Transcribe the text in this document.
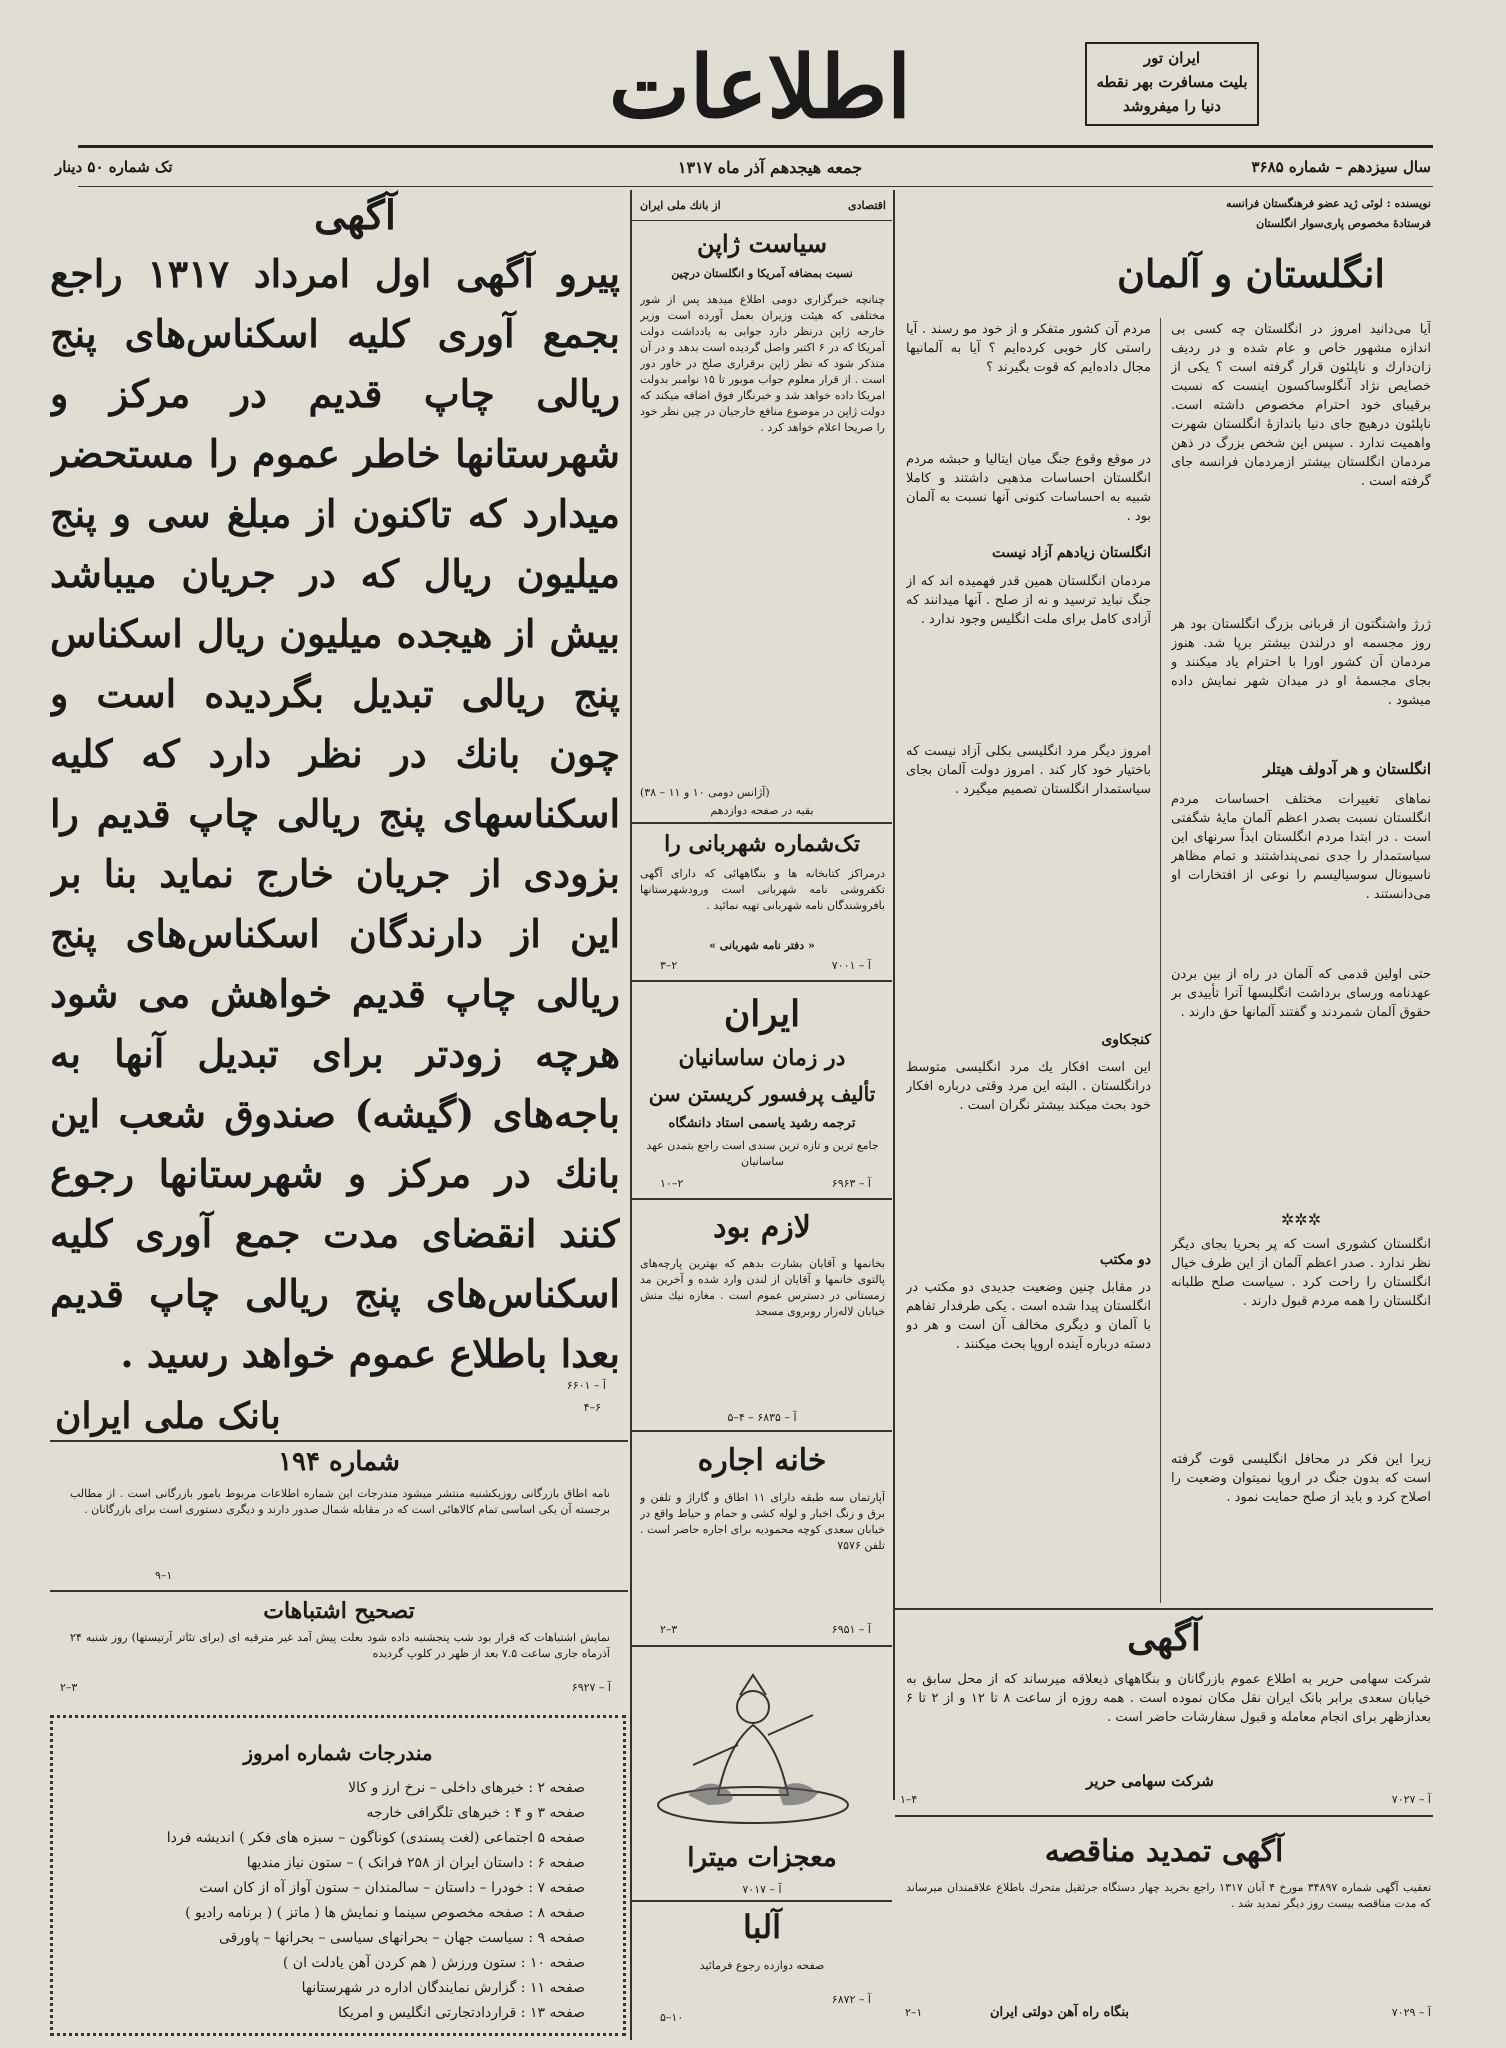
اطلاعات	ایران تور
بلیت مسافرت بهر نقطه
دنیا را میفروشد
سال سیزدهم – شماره ۳۶۸۵
جمعه هیجدهم آذر ماه ۱۳۱۷
تک شماره ۵۰ دینار
نویسنده : لوئی ژید عضو فرهنگستان فرانسه
فرستادهٔ مخصوص پاری‌سوار انگلستان
انگلستان و آلمان
آیا می‌دانید امروز در انگلستان چه کسی بی اندازه مشهور خاص و عام شده و در ردیف زان‌دارك و ناپلئون قرار گرفته است ؟ یکی از خصایص نژاد آنگلوساکسون اینست که نسبت برقیبای خود احترام مخصوص داشته است. ناپلئون درهیچ جای دنیا باندازهٔ انگلستان شهرت واهمیت ندارد . سپس این شخص بزرگ در ذهن مردمان انگلستان بیشتر ازمردمان فرانسه جای گرفته است .
ژرژ واشنگتون از قربانی بزرگ انگلستان بود هر روز مجسمه او درلندن بیشتر برپا شد. هنوز مردمان آن کشور اورا با احترام یاد میکنند و بجای مجسمهٔ او در میدان شهر نمایش داده میشود .
انگلستان و هر آدولف هیتلر
نماهای تغییرات مختلف احساسات مردم انگلستان نسبت بصدر اعظم آلمان مایهٔ شگفتی است . در ابتدا مردم انگلستان ابداً سرنهای این سیاستمدار را جدی نمی‌پنداشتند و تمام مظاهر ناسیونال سوسیالیسم را نوعی از افتخارات او می‌دانستند .
حتی اولین قدمی که آلمان در راه از بین بردن عهدنامه ورسای برداشت انگلیسها آنرا تأییدی بر حقوق آلمان شمردند و گفتند آلمانها حق دارند .
✲✲✲
انگلستان کشوری است که پر بحریا بجای دیگر نظر ندارد . صدر اعظم آلمان از این طرف خیال انگلستان را راحت کرد . سیاست صلح طلبانه انگلستان را همه مردم قبول دارند .
زیرا این فکر در محافل انگلیسی قوت گرفته است که بدون جنگ در اروپا نمیتوان وضعیت را اصلاح کرد و باید از صلح حمایت نمود .
مردم آن کشور متفکر و از خود مو ‌رسند . آیا راستی کار خوبی کرده‌ایم ؟ آیا به آلمانیها مجال داده‌ایم که قوت بگیرند ؟
در موقع وقوع جنگ میان ایتالیا و حبشه مردم انگلستان احساسات مذهبی داشتند و کاملا شبیه به احساسات کنونی آنها نسبت به آلمان بود .
انگلستان زیادهم آزاد نیست
مردمان انگلستان همین قدر فهمیده اند که از جنگ نباید ترسید و نه از صلح . آنها میدانند که آزادی کامل برای ملت انگلیس وجود ندارد .
امروز دیگر مرد انگلیسی بکلی آزاد نیست که باختیار خود کار کند . امروز دولت آلمان بجای سیاستمدار انگلستان تصمیم میگیرد .
کنجکاوی
این است افکار یك مرد انگلیسی متوسط درانگلستان . البته این مرد وقتی درباره افکار خود بحث میکند بیشتر نگران است .
دو مکتب
در مقابل چنین وضعیت جدیدی دو مکتب در انگلستان پیدا شده است . یکی طرفدار تفاهم با آلمان و دیگری مخالف آن است و هر دو دسته درباره آینده اروپا بحث میکنند .
آگهی
شرکت سهامی حریر به اطلاع عموم بازرگانان و بنگاههای ذیعلاقه میرساند که از محل سابق به خیابان سعدی برابر بانک ایران نقل مکان نموده است . همه روزه از ساعت ۸ تا ۱۲ و از ۲ تا ۶ بعدازظهر برای انجام معامله و قبول سفارشات حاضر است .
شرکت سهامی حریر
آ – ۷۰۲۷
۴–۱
آگهی تمدید مناقصه
تعقیب آگهی شماره ۳۴۸۹۷ مورخ ۴ آبان ۱۳۱۷ راجع بخرید چهار دستگاه جرثقیل متحرك باطلاع علاقمندان میرساند که مدت مناقصه بیست روز دیگر تمدید شد .
بنگاه راه آهن دولتی ایران	آ – ۷۰۲۹
۱–۲
اقتصادی
از بانك ملی ایران
سیاست ژاپن
نسبت بمضافه آمریکا و انگلستان درچین
چنانچه خبرگزاری دومی اطلاع میدهد پس از شور مختلفی که هیئت وزیران بعمل آورده است وزیر خارجه ژاپن درنظر دارد جوابی به یادداشت دولت آمریکا که در ۶ اکتبر واصل گردیده است بدهد و در آن متذکر شود که نظر ژاپن برقراری صلح در خاور دور است . از قرار معلوم جواب موبور تا ۱۵ نوامبر بدولت امریکا داده خواهد شد و خبرنگار فوق اضافه میکند که دولت ژاپن در موضوع منافع خارجیان در چین نظر خود را صریحا اعلام خواهد کرد .
(آژانس دومی ۱۰ و ۱۱ – ۳۸)
بقیه در صفحه دوازدهم
تک‌شماره شهربانی را
درمراکز کتابخانه ها و بنگاههائی که دارای آگهی تکفروشی نامه شهربانی است ورود‌شهرستانها بافروشندگان نامه شهربانی تهیه نمائید .
« دفتر نامه شهربانی »
آ – ۷۰۰۱
۲–۳
ایران
در زمان ساسانیان
تألیف پرفسور کریستن سن
ترجمه رشید یاسمی استاد دانشگاه
جامع ترین و تازه ترین سندی است راجع بتمدن عهد ساسانیان
آ – ۶۹۶۳
۲–۱۰
لازم بود
بخانمها و آقایان بشارت بدهم که بهترین پارچه‌های پالتوی خانمها و آقایان از لندن وارد شده و آخرین مد زمستانی در دسترس عموم است . مغازه نیك منش خیابان لاله‌زار روبروی مسجد
آ – ۶۸۳۵ – ۴–۵
خانه اجاره
آپارتمان سه طبقه دارای ۱۱ اطاق و گاراژ و تلفن و برق و زنگ اخبار و لوله کشی و حمام و حیاط واقع در خیابان سعدی کوچه محمودیه برای اجاره حاضر است . تلفن ۷۵۷۶
آ – ۶۹۵۱
۳–۲
معجزات میترا
آ – ۷۰۱۷
آلبا
صفحه دوازده رجوع فرمائید
آ – ۶۸۷۲
۱۰–۵
آگهی
پیرو آگهی اول امرداد ۱۳۱۷ راجع بجمع آوری کلیه اسکناس‌های پنج ریالی چاپ قدیم در مرکز و شهرستانها خاطر عموم را مستحضر میدارد که تاکنون از مبلغ سی و پنج میلیون ریال که در جریان میباشد بیش از هیجده میلیون ریال اسکناس پنج ریالی تبدیل بگردیده است و چون بانك در نظر دارد که کلیه اسکناسهای پنج ریالی چاپ قدیم را بزودی از جریان خارج نماید بنا بر این از دارندگان اسکناس‌های پنج ریالی چاپ قدیم خواهش می شود هرچه زودتر برای تبدیل آنها به باجه‌های (گیشه) صندوق شعب این بانك در مرکز و شهرستانها رجوع کنند انقضای مدت جمع آوری کلیه اسکناس‌های پنج ریالی چاپ قدیم بعدا باطلاع عموم خواهد رسید .
بانک ملی ایران
آ – ۶۶۰۱
۶–۴
شماره ۱۹۴
نامه اطاق بازرگانی روزیکشنبه منتشر میشود مندرجات این شماره اطلاعات مربوط بامور بازرگانی است . از مطالب برجسته آن یکی اساسی تمام کالاهائی است که در مقابله شمال صدور دارند و دیگری دستوری است برای بازرگانان .
۱–۹
تصحیح اشتباهات
نمایش اشتباهات که قرار بود شب پنجشنبه داده شود بعلت پیش آمد غیر مترقبه ای (برای تئاتر آرتیستها) روز شنبه ۲۴ آذرماه جاری ساعت ۷.۵ بعد از ظهر در کلوپ گردیده
آ – ۶۹۲۷
۳–۲
مندرجات شماره امروز
صفحه ۲ : خبرهای داخلی – نرخ ارز و کالا
صفحه ۳ و ۴ : خبرهای تلگرافی خارجه
صفحه ۵ اجتماعی (لغت پسندی) کوناگون – سبزه های فکر ) اندیشه فردا
صفحه ۶ : داستان ایران از ۲۵۸ فرانک ) – ستون نیاز مندیها
صفحه ۷ : خودرا – داستان – سالمندان – ستون آواز آه از کان است
صفحه ۸ : صفحه مخصوص سینما و نمایش ها ( ماتز ) ( برنامه رادیو )
صفحه ۹ : سیاست جهان – بحرانهای سیاسی – بحرانها – پاورقی
صفحه ۱۰ : ستون ورزش ( هم کردن آهن یادلت ان )
صفحه ۱۱ : گزارش نمایندگان اداره در شهرستانها
صفحه ۱۳ : قراردادتجارتی انگلیس و امریکا
